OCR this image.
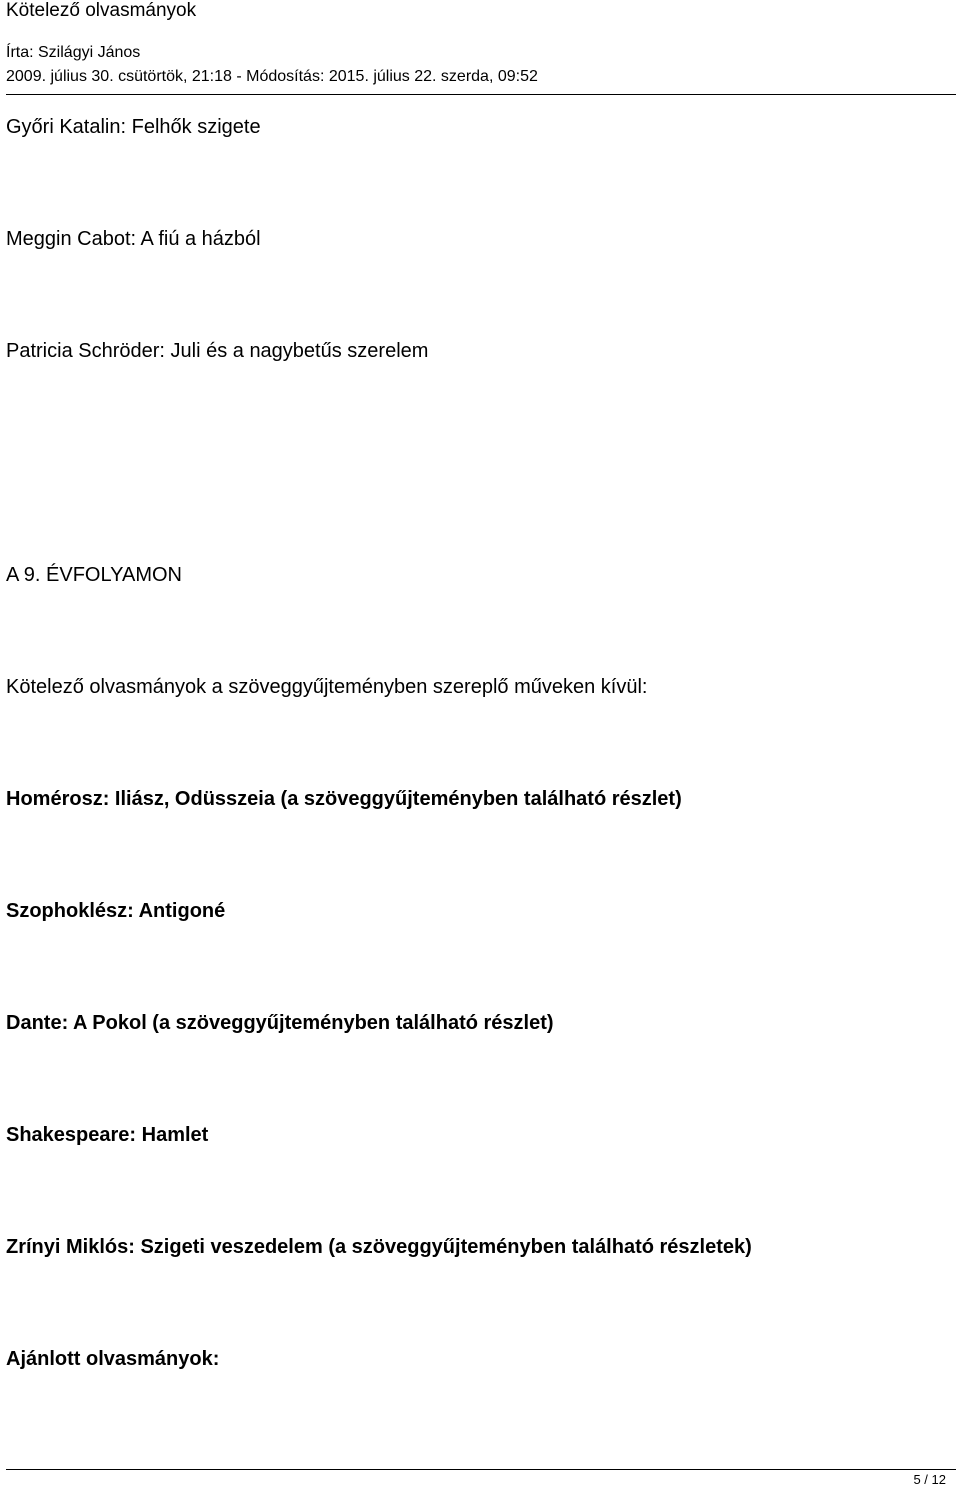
Kötelező olvasmányok
Írta: Szilágyi János
2009. július 30. csütörtök, 21:18 - Módosítás: 2015. július 22. szerda, 09:52
Győri Katalin: Felhők szigete
Meggin Cabot: A fiú a házból
Patricia Schröder: Juli és a nagybetűs szerelem
A 9. ÉVFOLYAMON
Kötelező olvasmányok a szöveggyűjteményben szereplő műveken kívül:
Homérosz: Iliász, Odüsszeia (a szöveggyűjteményben található részlet)
Szophoklész: Antigoné
Dante: A Pokol (a szöveggyűjteményben található részlet)
Shakespeare: Hamlet
Zrínyi Miklós: Szigeti veszedelem (a szöveggyűjteményben található részletek)
Ajánlott olvasmányok:
5 / 12
